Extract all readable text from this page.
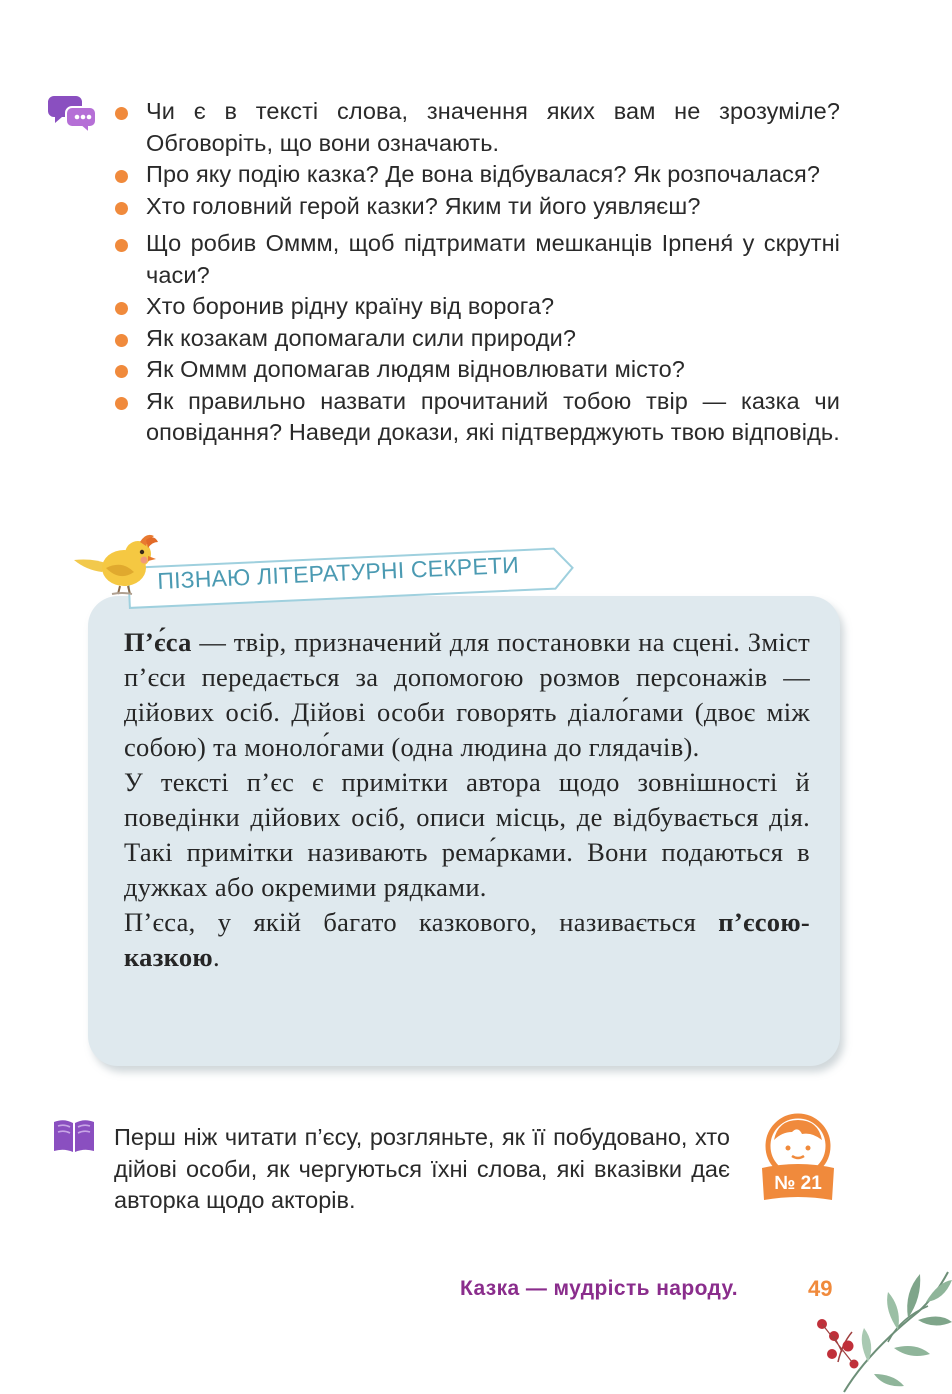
Чи є в тексті слова, значення яких вам не зрозуміле? Обговоріть, що вони означають.
Про яку подію казка? Де вона відбувалася? Як розпочалася?
Хто головний герой казки? Яким ти його уявляєш?
Що робив Оммм, щоб підтримати мешканців Ірпеня́ у скрутні часи?
Хто боронив рідну країну від ворога?
Як козакам допомагали сили природи?
Як Оммм допомагав людям відновлювати місто?
Як правильно назвати прочитаний тобою твір — казка чи оповідання? Наведи докази, які підтверджують твою відповідь.
ПІЗНАЮ ЛІТЕРАТУРНІ СЕКРЕТИ

П’є́са — твір, призначений для постановки на сцені. Зміст п’єси передається за допомогою розмов персонажів — дійових осіб. Дійові особи говорять діало́гами (двоє між собою) та моноло́гами (одна людина до глядачів).

У тексті п’єс є примітки автора щодо зовнішності й поведінки дійових осіб, описи місць, де відбувається дія. Такі примітки називають рема́рками. Вони подаються в дужках або окремими рядками.

П’єса, у якій багато казкового, називається п’єсою-казкою.

Перш ніж читати п’єсу, розгляньте, як її побудовано, хто дійові особи, як чергуються їхні слова, які вказівки дає авторка щодо акторів.
№ 21
Казка — мудрість народу.	49
